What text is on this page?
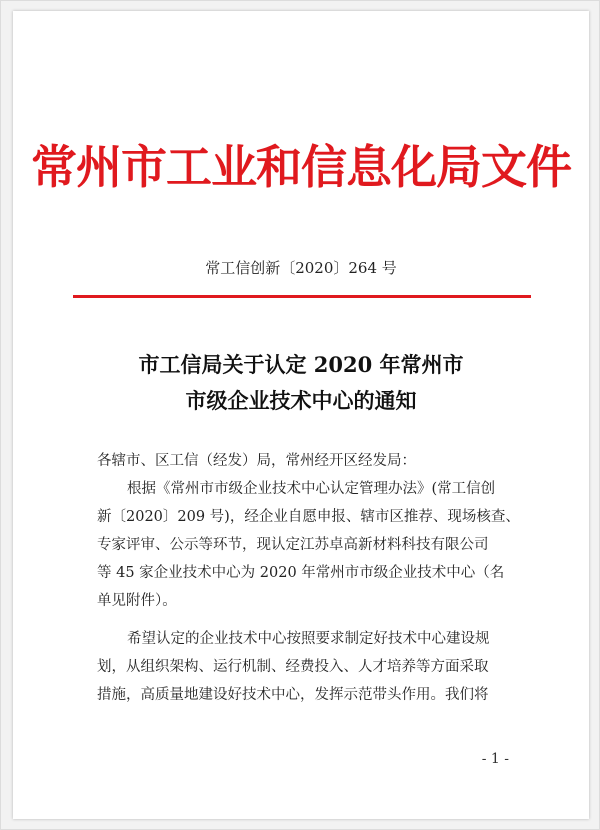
常州市工业和信息化局文件
常工信创新〔2020〕264 号
市工信局关于认定 2020 年常州市
市级企业技术中心的通知
各辖市、区工信（经发）局，常州经开区经发局：
根据《常州市市级企业技术中心认定管理办法》(常工信创
新〔2020〕209 号)，经企业自愿申报、辖市区推荐、现场核查、
专家评审、公示等环节，现认定江苏卓高新材料科技有限公司
等 45 家企业技术中心为 2020 年常州市市级企业技术中心（名
单见附件）。
希望认定的企业技术中心按照要求制定好技术中心建设规
划，从组织架构、运行机制、经费投入、人才培养等方面采取
措施，高质量地建设好技术中心，发挥示范带头作用。我们将
- 1 -
